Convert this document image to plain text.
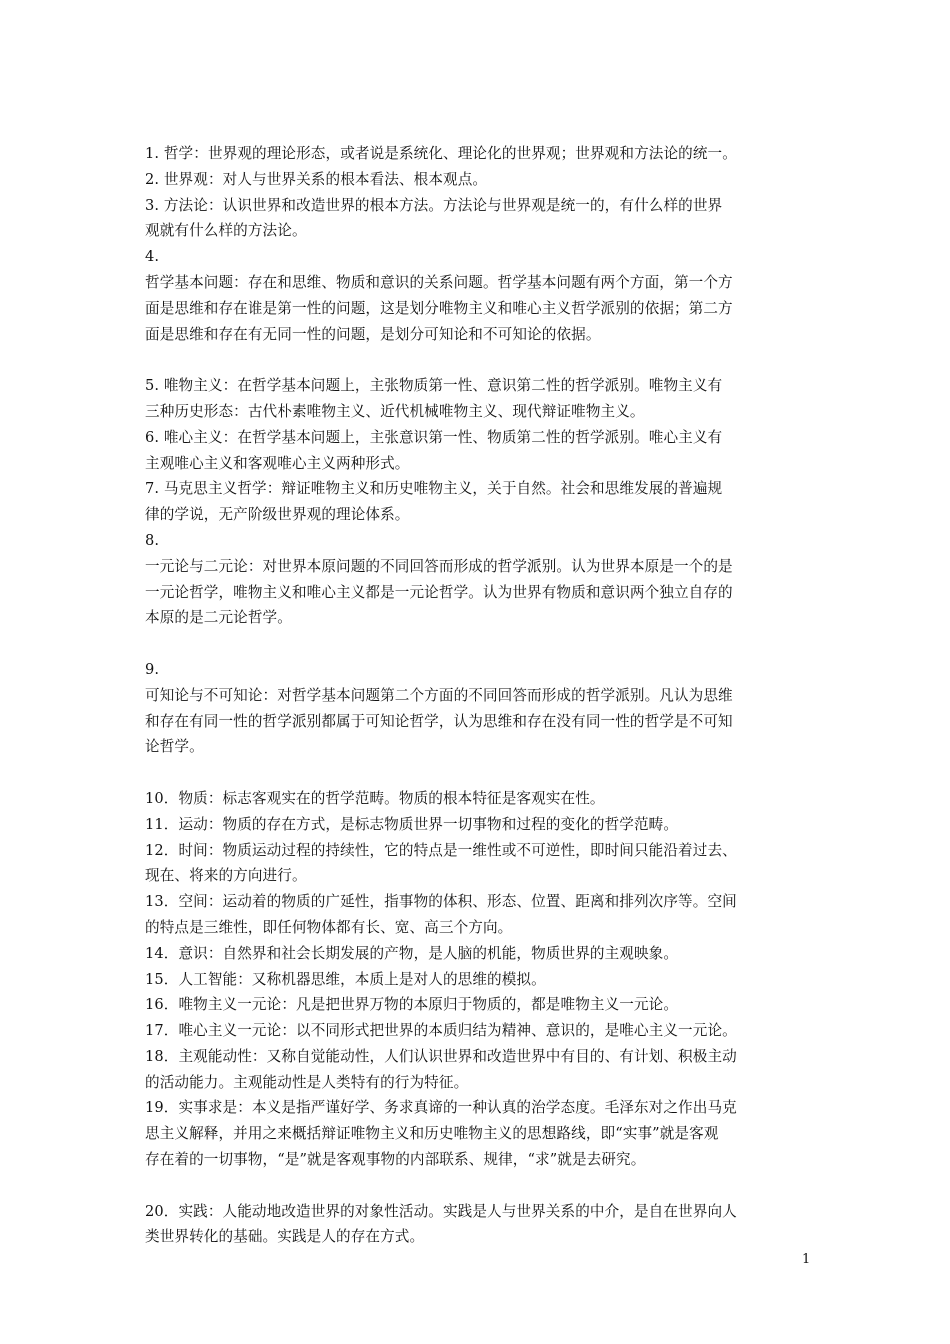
1. 哲学：世界观的理论形态，或者说是系统化、理论化的世界观；世界观和方法论的统一。
2. 世界观：对人与世界关系的根本看法、根本观点。
3. 方法论：认识世界和改造世界的根本方法。方法论与世界观是统一的，有什么样的世界
观就有什么样的方法论。
4.
哲学基本问题：存在和思维、物质和意识的关系问题。哲学基本问题有两个方面，第一个方
面是思维和存在谁是第一性的问题，这是划分唯物主义和唯心主义哲学派别的依据；第二方
面是思维和存在有无同一性的问题，是划分可知论和不可知论的依据。
5. 唯物主义：在哲学基本问题上，主张物质第一性、意识第二性的哲学派别。唯物主义有
三种历史形态：古代朴素唯物主义、近代机械唯物主义、现代辩证唯物主义。
6. 唯心主义：在哲学基本问题上，主张意识第一性、物质第二性的哲学派别。唯心主义有
主观唯心主义和客观唯心主义两种形式。
7. 马克思主义哲学：辩证唯物主义和历史唯物主义，关于自然。社会和思维发展的普遍规
律的学说，无产阶级世界观的理论体系。
8.
一元论与二元论：对世界本原问题的不同回答而形成的哲学派别。认为世界本原是一个的是
一元论哲学，唯物主义和唯心主义都是一元论哲学。认为世界有物质和意识两个独立自存的
本原的是二元论哲学。
9.
可知论与不可知论：对哲学基本问题第二个方面的不同回答而形成的哲学派别。凡认为思维
和存在有同一性的哲学派别都属于可知论哲学，认为思维和存在没有同一性的哲学是不可知
论哲学。
10．物质：标志客观实在的哲学范畴。物质的根本特征是客观实在性。
11．运动：物质的存在方式，是标志物质世界一切事物和过程的变化的哲学范畴。
12．时间：物质运动过程的持续性，它的特点是一维性或不可逆性，即时间只能沿着过去、
现在、将来的方向进行。
13．空间：运动着的物质的广延性，指事物的体积、形态、位置、距离和排列次序等。空间
的特点是三维性，即任何物体都有长、宽、高三个方向。
14．意识：自然界和社会长期发展的产物，是人脑的机能，物质世界的主观映象。
15．人工智能：又称机器思维，本质上是对人的思维的模拟。
16．唯物主义一元论：凡是把世界万物的本原归于物质的，都是唯物主义一元论。
17．唯心主义一元论：以不同形式把世界的本质归结为精神、意识的，是唯心主义一元论。
18．主观能动性：又称自觉能动性，人们认识世界和改造世界中有目的、有计划、积极主动
的活动能力。主观能动性是人类特有的行为特征。
19．实事求是：本义是指严谨好学、务求真谛的一种认真的治学态度。毛泽东对之作出马克
思主义解释，并用之来概括辩证唯物主义和历史唯物主义的思想路线，即“实事”就是客观
存在着的一切事物，“是”就是客观事物的内部联系、规律，“求”就是去研究。
20．实践：人能动地改造世界的对象性活动。实践是人与世界关系的中介，是自在世界向人
类世界转化的基础。实践是人的存在方式。
1
